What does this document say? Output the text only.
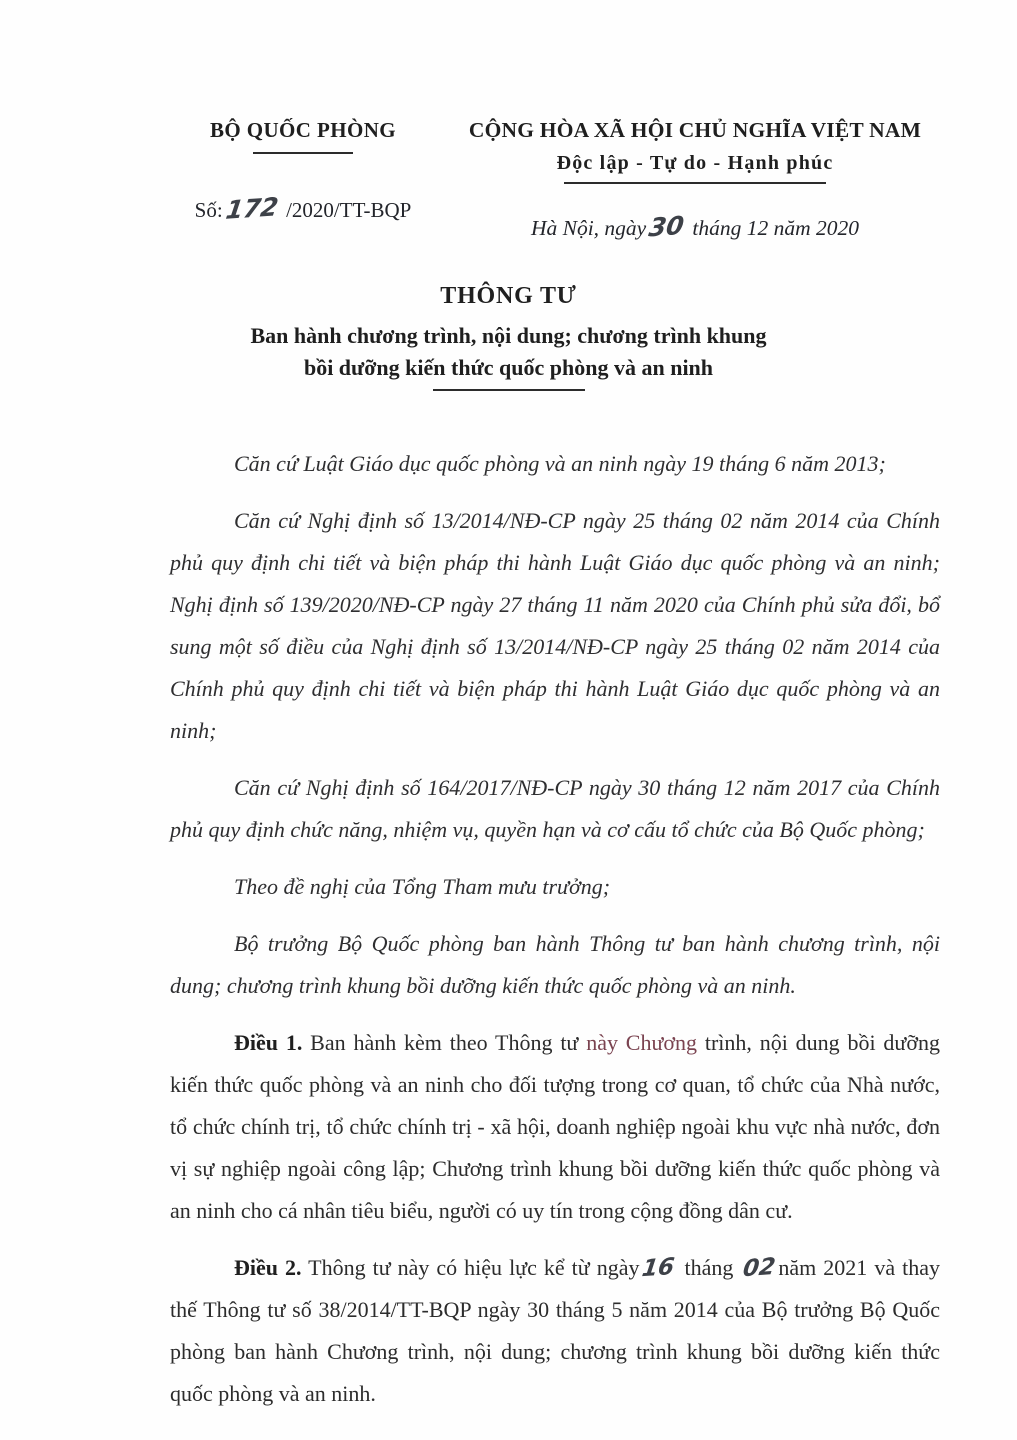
BỘ QUỐC PHÒNG
Số:172 /2020/TT-BQP
CỘNG HÒA XÃ HỘI CHỦ NGHĨA VIỆT NAM
Độc lập - Tự do - Hạnh phúc
Hà Nội, ngày30 tháng 12 năm 2020
THÔNG TƯ
Ban hành chương trình, nội dung; chương trình khung
bồi dưỡng kiến thức quốc phòng và an ninh

Căn cứ Luật Giáo dục quốc phòng và an ninh ngày 19 tháng 6 năm 2013;

Căn cứ Nghị định số 13/2014/NĐ-CP ngày 25 tháng 02 năm 2014 của Chính phủ quy định chi tiết và biện pháp thi hành Luật Giáo dục quốc phòng và an ninh; Nghị định số 139/2020/NĐ-CP ngày 27 tháng 11 năm 2020 của Chính phủ sửa đổi, bổ sung một số điều của Nghị định số 13/2014/NĐ-CP ngày 25 tháng 02 năm 2014 của Chính phủ quy định chi tiết và biện pháp thi hành Luật Giáo dục quốc phòng và an ninh;

Căn cứ Nghị định số 164/2017/NĐ-CP ngày 30 tháng 12 năm 2017 của Chính phủ quy định chức năng, nhiệm vụ, quyền hạn và cơ cấu tổ chức của Bộ Quốc phòng;

Theo đề nghị của Tổng Tham mưu trưởng;

Bộ trưởng Bộ Quốc phòng ban hành Thông tư ban hành chương trình, nội dung; chương trình khung bồi dưỡng kiến thức quốc phòng và an ninh.

Điều 1. Ban hành kèm theo Thông tư này Chương trình, nội dung bồi dưỡng kiến thức quốc phòng và an ninh cho đối tượng trong cơ quan, tổ chức của Nhà nước, tổ chức chính trị, tổ chức chính trị - xã hội, doanh nghiệp ngoài khu vực nhà nước, đơn vị sự nghiệp ngoài công lập; Chương trình khung bồi dưỡng kiến thức quốc phòng và an ninh cho cá nhân tiêu biểu, người có uy tín trong cộng đồng dân cư.

Điều 2. Thông tư này có hiệu lực kể từ ngày16 tháng 02năm 2021 và thay thế Thông tư số 38/2014/TT-BQP ngày 30 tháng 5 năm 2014 của Bộ trưởng Bộ Quốc phòng ban hành Chương trình, nội dung; chương trình khung bồi dưỡng kiến thức quốc phòng và an ninh.
